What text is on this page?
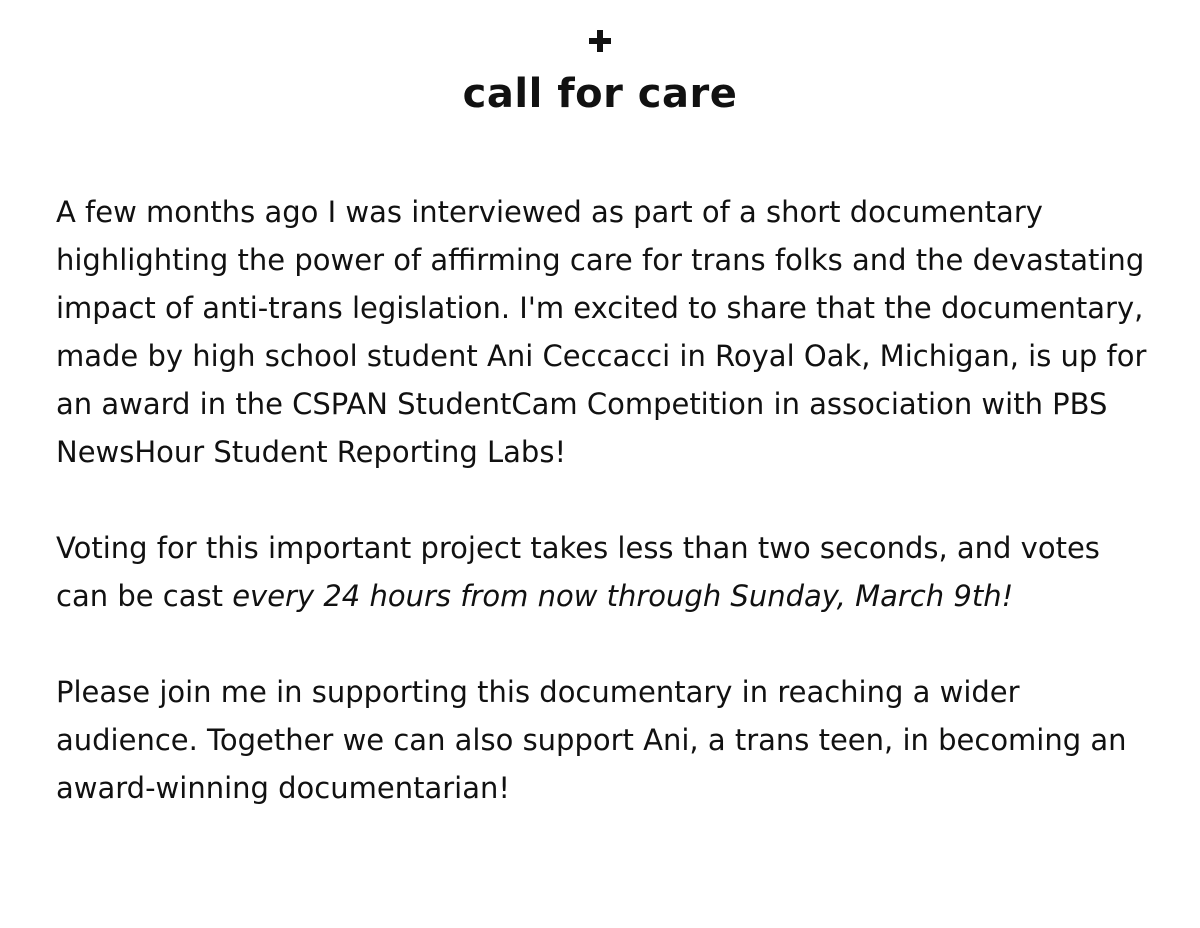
call for care

A few months ago I was interviewed as part of a short documentary highlighting the power of affirming care for trans folks and the devastating impact of anti-trans legislation. I'm excited to share that the documentary, made by high school student Ani Ceccacci in Royal Oak, Michigan, is up for an award in the CSPAN StudentCam Competition in association with PBS NewsHour Student Reporting Labs!

Voting for this important project takes less than two seconds, and votes can be cast every 24 hours from now through Sunday, March 9th!

Please join me in supporting this documentary in reaching a wider audience. Together we can also support Ani, a trans teen, in becoming an award-winning documentarian!
